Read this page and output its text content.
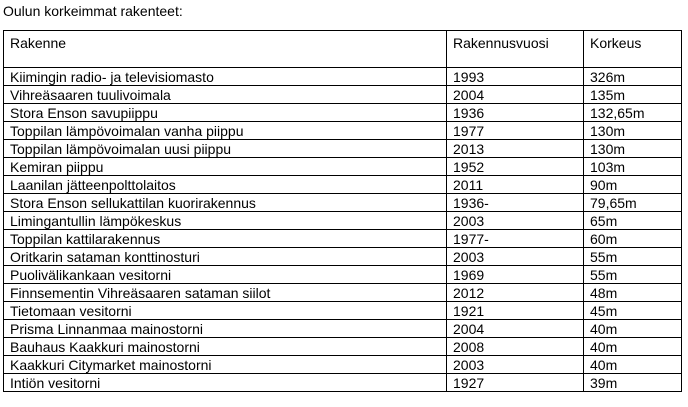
Oulun korkeimmat rakenteet:
Rakenne	Rakennusvuosi	Korkeus
Kiimingin radio- ja televisiomasto	1993	326m
Vihreäsaaren tuulivoimala	2004	135m
Stora Enson savupiippu	1936	132,65m
Toppilan lämpövoimalan vanha piippu	1977	130m
Toppilan lämpövoimalan uusi piippu	2013	130m
Kemiran piippu	1952	103m
Laanilan jätteenpolttolaitos	2011	90m
Stora Enson sellukattilan kuorirakennus	1936-	79,65m
Limingantullin lämpökeskus	2003	65m
Toppilan kattilarakennus	1977-	60m
Oritkarin sataman konttinosturi	2003	55m
Puolivälikankaan vesitorni	1969	55m
Finnsementin Vihreäsaaren sataman siilot	2012	48m
Tietomaan vesitorni	1921	45m
Prisma Linnanmaa mainostorni	2004	40m
Bauhaus Kaakkuri mainostorni	2008	40m
Kaakkuri Citymarket mainostorni	2003	40m
Intiön vesitorni	1927	39m
